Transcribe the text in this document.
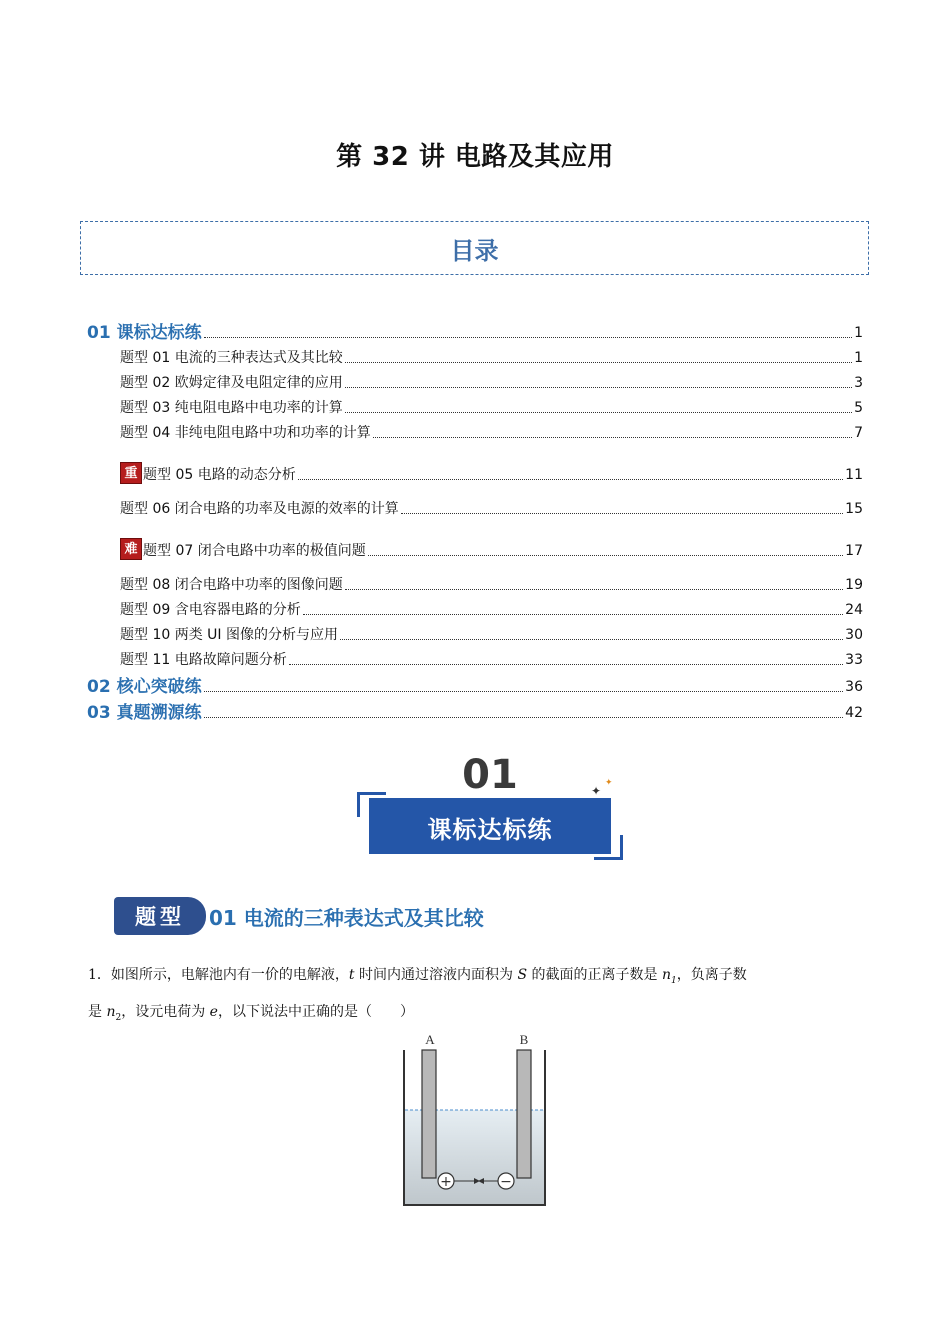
第 32 讲 电路及其应用
目录
01 课标达标练	1
题型 01 电流的三种表达式及其比较	1
题型 02 欧姆定律及电阻定律的应用	3
题型 03 纯电阻电路中电功率的计算	5
题型 04 非纯电阻电路中功和功率的计算	7
重 题型 05 电路的动态分析	11
题型 06 闭合电路的功率及电源的效率的计算	15
难 题型 07 闭合电路中功率的极值问题	17
题型 08 闭合电路中功率的图像问题	19
题型 09 含电容器电路的分析	24
题型 10 两类 UI 图像的分析与应用	30
题型 11 电路故障问题分析	33
02 核心突破练	36
03 真题溯源练	42
01	✦
✦
课标达标练
题型	01 电流的三种表达式及其比较
1．如图所示，电解池内有一价的电解液，t 时间内通过溶液内面积为 S 的截面的正离子数是 $n_1$，负离子数
是 $n_2$，设元电荷为 e，以下说法中正确的是（　　）
A	B
+	−
